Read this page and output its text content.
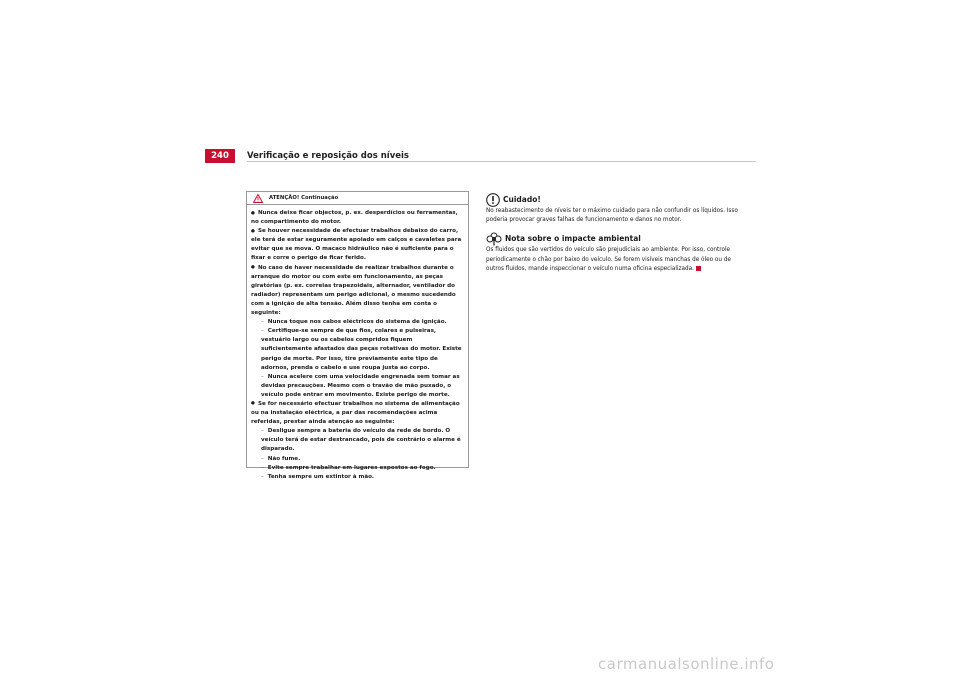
240	Verificação e reposição dos níveis
ATENÇÃO! Continuação

● Nunca deixe ficar objectos, p. ex. desperdícios ou ferramentas, no compartimento do motor.

● Se houver necessidade de efectuar trabalhos debaixo do carro, ele terá de estar seguramente apoiado em calços e cavaletes para evitar que se mova. O macaco hidráulico não é suficiente para o fixar e corre o perigo de ficar ferido.

● No caso de haver necessidade de realizar trabalhos durante o arranque do motor ou com este em funcionamento, as peças giratórias (p. ex. correias trapezoidais, alternador, ventilador do radiador) representam um perigo adicional, o mesmo sucedendo com a ignição de alta tensão. Além disso tenha em conta o seguinte:

– Nunca toque nos cabos eléctricos do sistema de ignição.

– Certifique-se sempre de que fios, colares e pulseiras, vestuário largo ou os cabelos compridos fiquem suficientemente afastados das peças rotativas do motor. Existe perigo de morte. Por isso, tire previamente este tipo de adornos, prenda o cabelo e use roupa justa ao corpo.

– Nunca acelere com uma velocidade engrenada sem tomar as devidas precauções. Mesmo com o travão de mão puxado, o veículo pode entrar em movimento. Existe perigo de morte.

● Se for necessário efectuar trabalhos no sistema de alimentação ou na instalação eléctrica, a par das recomendações acima referidas, prestar ainda atenção ao seguinte:

– Desligue sempre a bateria do veículo da rede de bordo. O veículo terá de estar destrancado, pois de contrário o alarme é disparado.

– Não fume.

– Evite sempre trabalhar em lugares expostos ao fogo.

– Tenha sempre um extintor à mão.

Cuidado!

No reabastecimento de níveis ter o máximo cuidado para não confundir os líquidos. Isso poderia provocar graves falhas de funcionamento e danos no motor.

Nota sobre o impacte ambiental

Os fluidos que são vertidos do veículo são prejudiciais ao ambiente. Por isso, controle periodicamente o chão por baixo do veículo. Se forem visíveis manchas de óleo ou de outros fluidos, mande inspeccionar o veículo numa oficina especializada.

carmanualsonline.info
